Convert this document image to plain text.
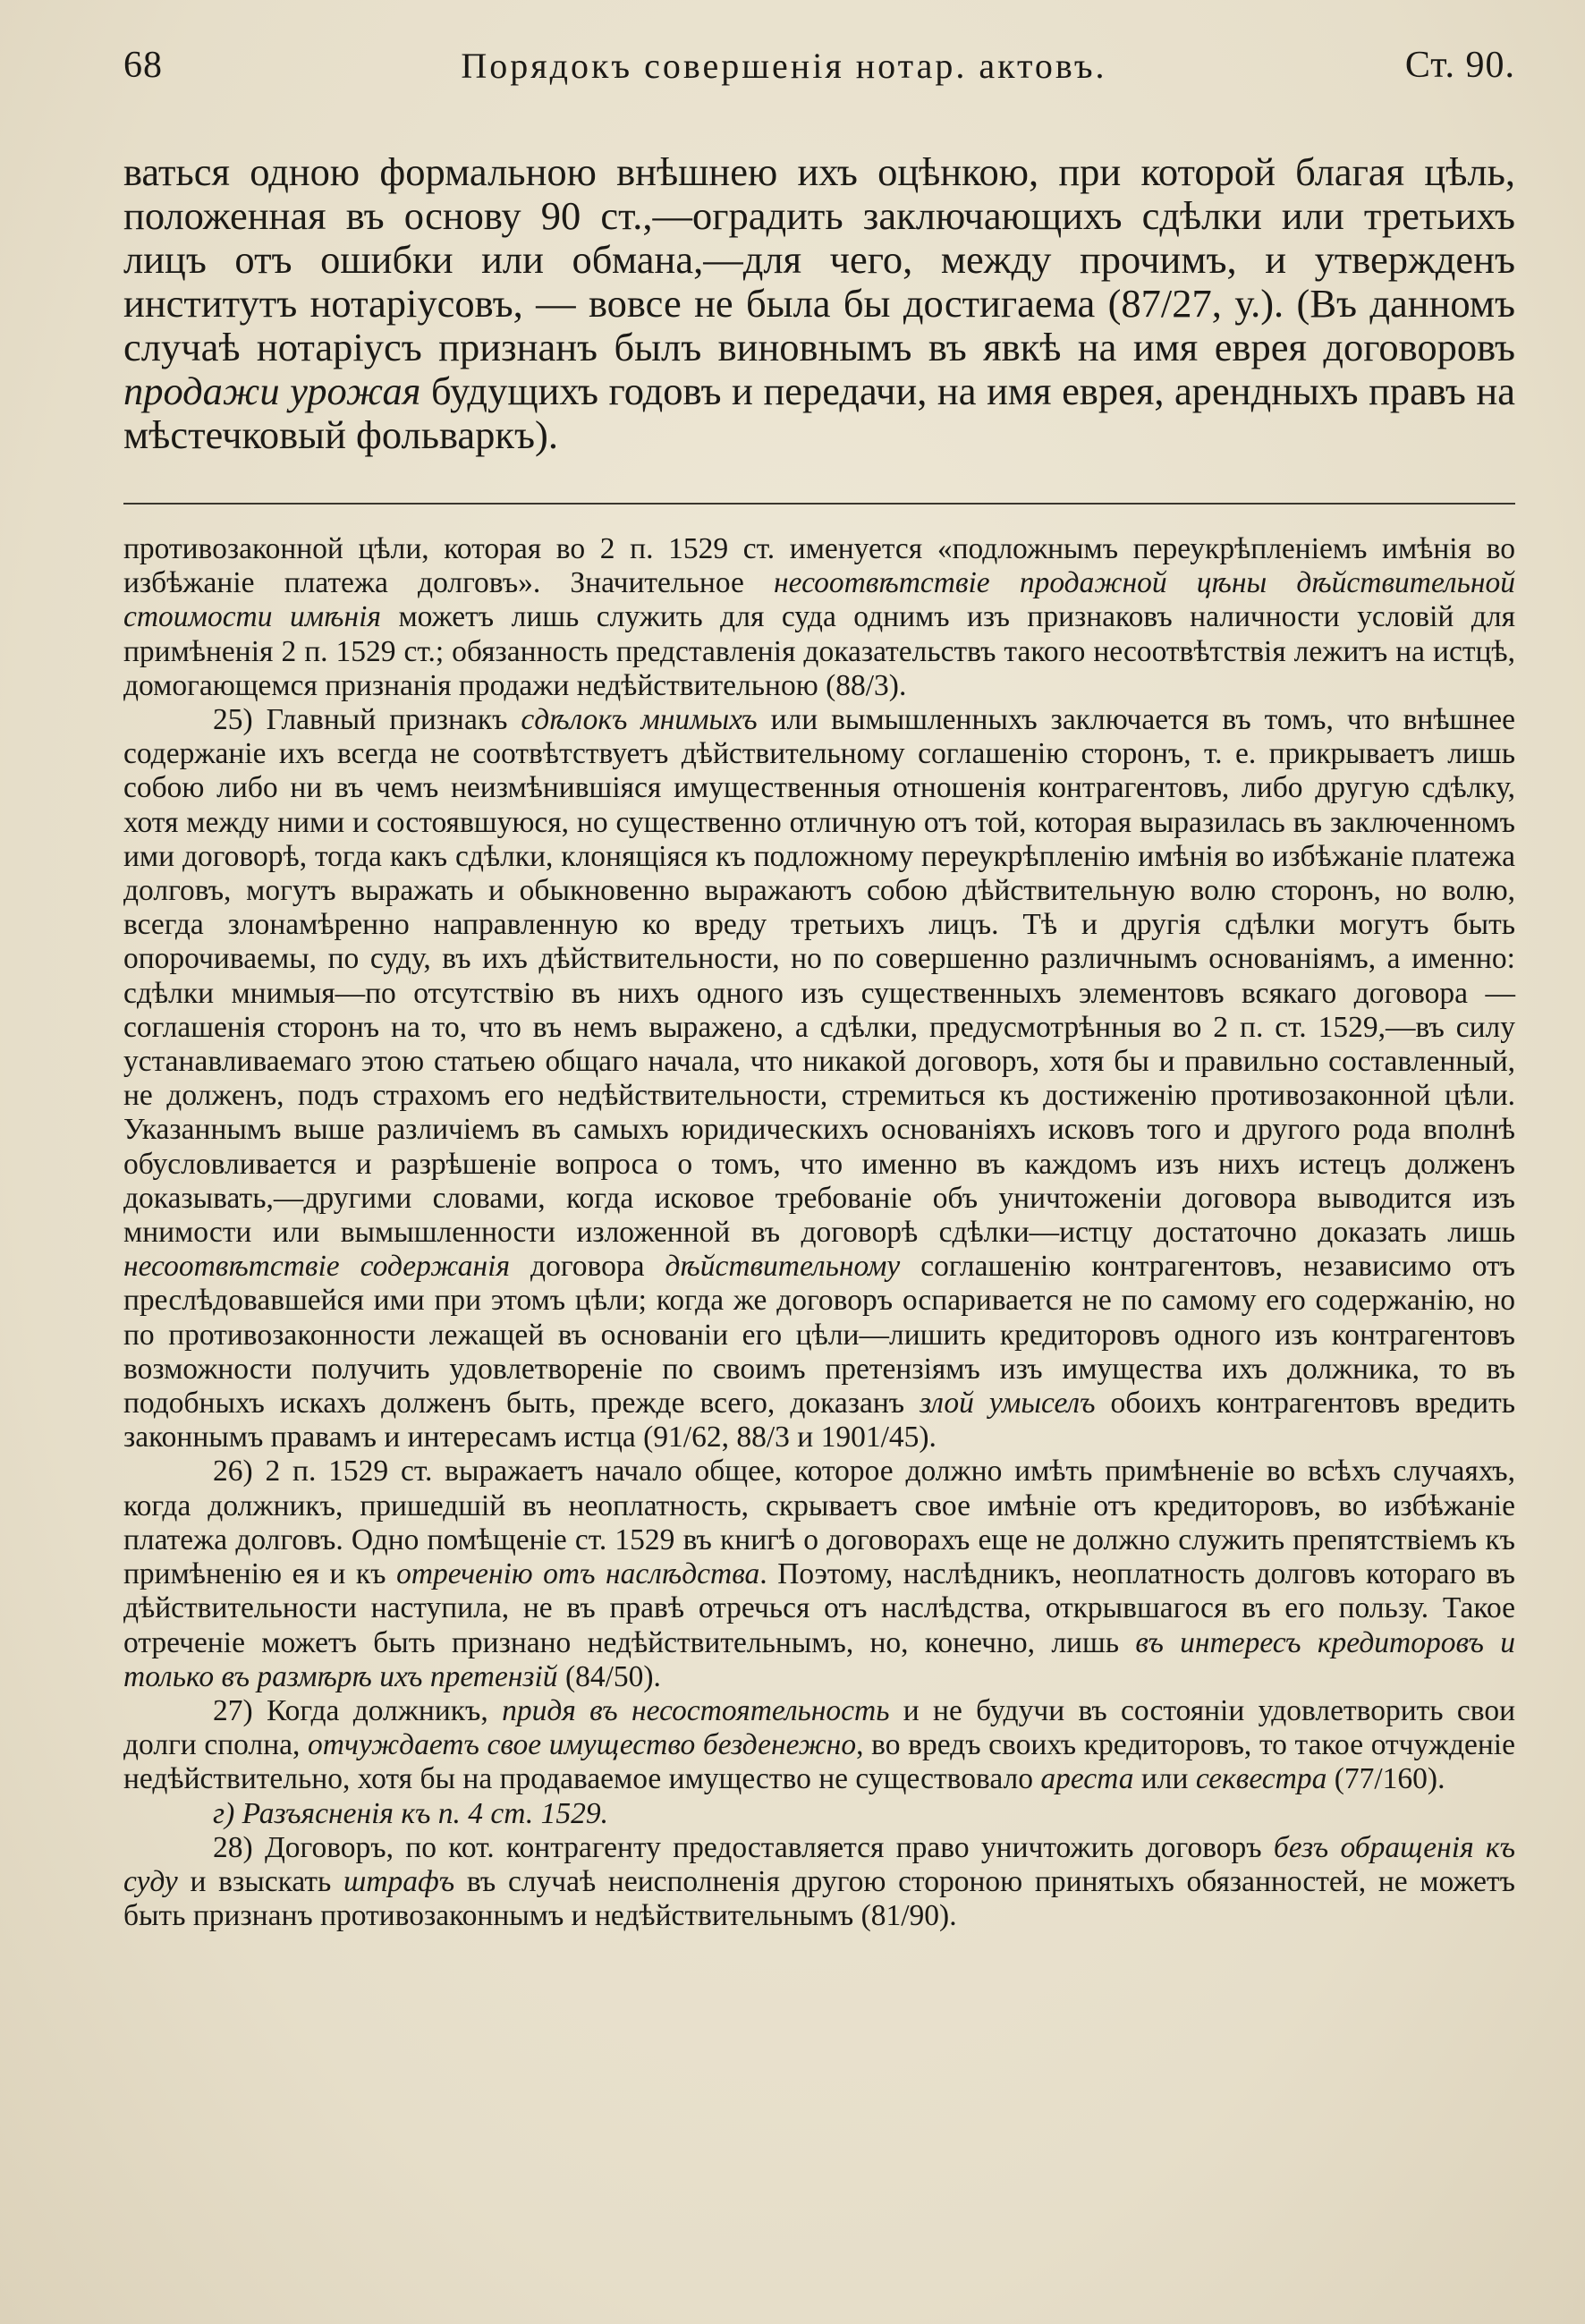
68	Порядокъ совершенія нотар. актовъ.	Ст. 90.

ваться одною формальною внѣшнею ихъ оцѣнкою, при которой благая цѣль, положенная въ основу 90 ст.,—оградить заключающихъ сдѣлки или третьихъ лицъ отъ ошибки или обмана,—для чего, между прочимъ, и утвержденъ институтъ нотаріусовъ, — вовсе не была бы достигаема (87/27, у.). (Въ данномъ случаѣ нотаріусъ признанъ былъ виновнымъ въ явкѣ на имя еврея договоровъ продажи урожая будущихъ годовъ и передачи, на имя еврея, арендныхъ правъ на мѣстечковый фольваркъ).

противозаконной цѣли, которая во 2 п. 1529 ст. именуется «подложнымъ переукрѣпленіемъ имѣнія во избѣжаніе платежа долговъ». Значительное несоотвѣтствіе продажной цѣны дѣйствительной стоимости имѣнія можетъ лишь служить для суда однимъ изъ признаковъ наличности условій для примѣненія 2 п. 1529 ст.; обязанность представленія доказательствъ такого несоотвѣтствія лежитъ на истцѣ, домогающемся признанія продажи недѣйствительною (88/3).

25) Главный признакъ сдѣлокъ мнимыхъ или вымышленныхъ заключается въ томъ, что внѣшнее содержаніе ихъ всегда не соотвѣтствуетъ дѣйствительному соглашенію сторонъ, т. е. прикрываетъ лишь собою либо ни въ чемъ неизмѣнившіяся имущественныя отношенія контрагентовъ, либо другую сдѣлку, хотя между ними и состоявшуюся, но существенно отличную отъ той, которая выразилась въ заключенномъ ими договорѣ, тогда какъ сдѣлки, клонящіяся къ подложному переукрѣпленію имѣнія во избѣжаніе платежа долговъ, могутъ выражать и обыкновенно выражаютъ собою дѣйствительную волю сторонъ, но волю, всегда злонамѣренно направленную ко вреду третьихъ лицъ. Тѣ и другія сдѣлки могутъ быть опорочиваемы, по суду, въ ихъ дѣйствительности, но по совершенно различнымъ основаніямъ, а именно: сдѣлки мнимыя—по отсутствію въ нихъ одного изъ существенныхъ элементовъ всякаго договора — соглашенія сторонъ на то, что въ немъ выражено, а сдѣлки, предусмотрѣнныя во 2 п. ст. 1529,—въ силу устанавливаемаго этою статьею общаго начала, что никакой договоръ, хотя бы и правильно составленный, не долженъ, подъ страхомъ его недѣйствительности, стремиться къ достиженію противозаконной цѣли. Указаннымъ выше различіемъ въ самыхъ юридическихъ основаніяхъ исковъ того и другого рода вполнѣ обусловливается и разрѣшеніе вопроса о томъ, что именно въ каждомъ изъ нихъ истецъ долженъ доказывать,—другими словами, когда исковое требованіе объ уничтоженіи договора выводится изъ мнимости или вымышленности изложенной въ договорѣ сдѣлки—истцу достаточно доказать лишь несоотвѣтствіе содержанія договора дѣйствительному соглашенію контрагентовъ, независимо отъ преслѣдовавшейся ими при этомъ цѣли; когда же договоръ оспаривается не по самому его содержанію, но по противозаконности лежащей въ основаніи его цѣли—лишить кредиторовъ одного изъ контрагентовъ возможности получить удовлетвореніе по своимъ претензіямъ изъ имущества ихъ должника, то въ подобныхъ искахъ долженъ быть, прежде всего, доказанъ злой умыселъ обоихъ контрагентовъ вредить законнымъ правамъ и интересамъ истца (91/62, 88/3 и 1901/45).

26) 2 п. 1529 ст. выражаетъ начало общее, которое должно имѣть примѣненіе во всѣхъ случаяхъ, когда должникъ, пришедшій въ неоплатность, скрываетъ свое имѣніе отъ кредиторовъ, во избѣжаніе платежа долговъ. Одно помѣщеніе ст. 1529 въ книгѣ о договорахъ еще не должно служить препятствіемъ къ примѣненію ея и къ отреченію отъ наслѣдства. Поэтому, наслѣдникъ, неоплатность долговъ котораго въ дѣйствительности наступила, не въ правѣ отречься отъ наслѣдства, открывшагося въ его пользу. Такое отреченіе можетъ быть признано недѣйствительнымъ, но, конечно, лишь въ интересъ кредиторовъ и только въ размѣрѣ ихъ претензій (84/50).

27) Когда должникъ, придя въ несостоятельность и не будучи въ состояніи удовлетворить свои долги сполна, отчуждаетъ свое имущество безденежно, во вредъ своихъ кредиторовъ, то такое отчужденіе недѣйствительно, хотя бы на продаваемое имущество не существовало ареста или секвестра (77/160).

г) Разъясненія къ п. 4 ст. 1529.

28) Договоръ, по кот. контрагенту предоставляется право уничтожить договоръ безъ обращенія къ суду и взыскать штрафъ въ случаѣ неисполненія другою стороною принятыхъ обязанностей, не можетъ быть признанъ противозаконнымъ и недѣйствительнымъ (81/90).
